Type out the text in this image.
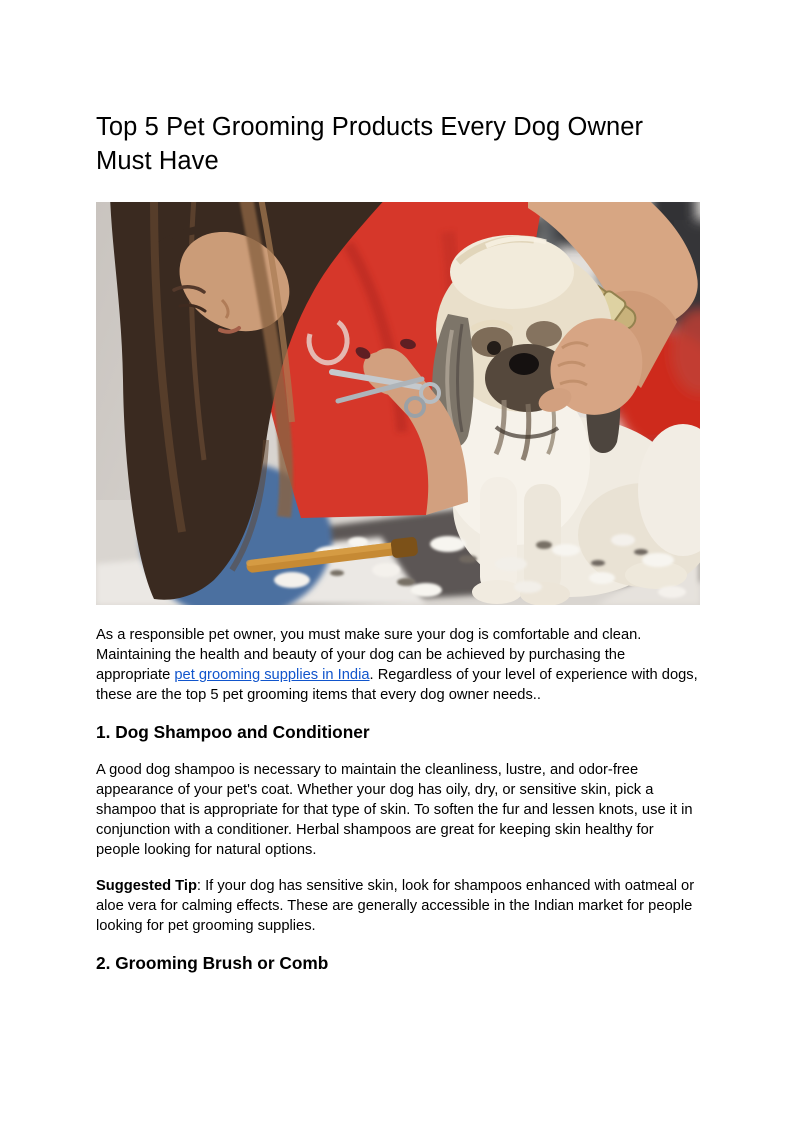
Top 5 Pet Grooming Products Every Dog Owner Must Have

As a responsible pet owner, you must make sure your dog is comfortable and clean. Maintaining the health and beauty of your dog can be achieved by purchasing the appropriate pet grooming supplies in India. Regardless of your level of experience with dogs, these are the top 5 pet grooming items that every dog owner needs..

1. Dog Shampoo and Conditioner

A good dog shampoo is necessary to maintain the cleanliness, lustre, and odor-free appearance of your pet's coat. Whether your dog has oily, dry, or sensitive skin, pick a shampoo that is appropriate for that type of skin. To soften the fur and lessen knots, use it in conjunction with a conditioner. Herbal shampoos are great for keeping skin healthy for people looking for natural options.

Suggested Tip: If your dog has sensitive skin, look for shampoos enhanced with oatmeal or aloe vera for calming effects. These are generally accessible in the Indian market for people looking for pet grooming supplies.

2. Grooming Brush or Comb
